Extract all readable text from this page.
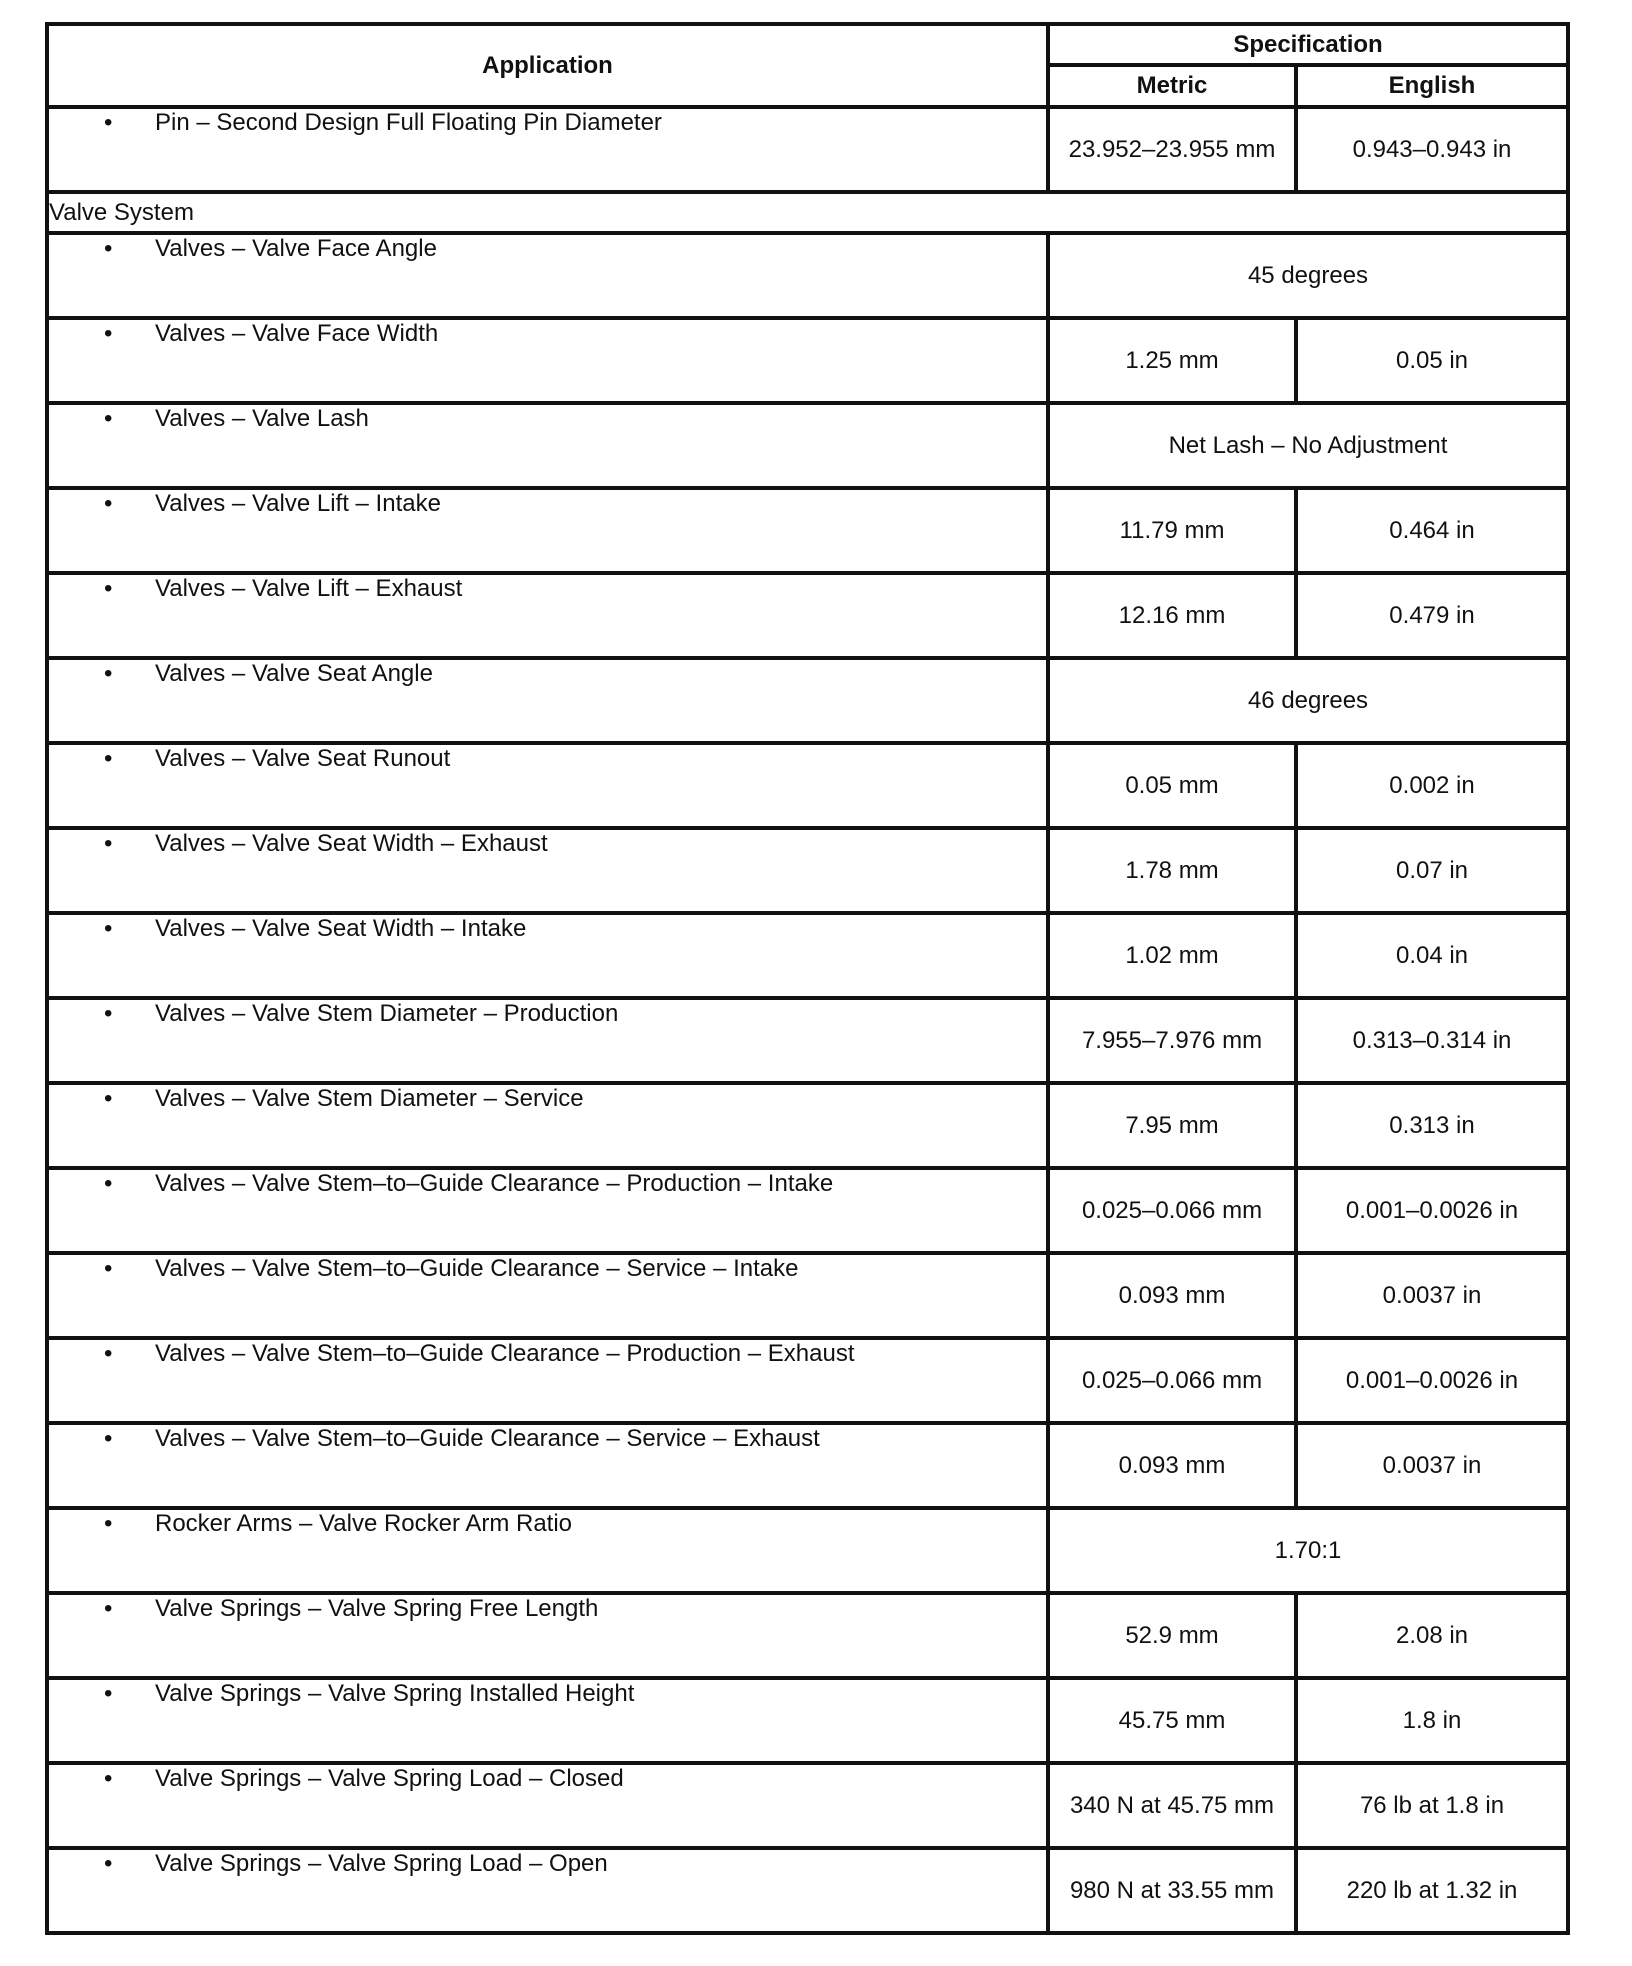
Application	Specification	
	Metric	English

• Pin – Second Design Full Floating Pin Diameter	23.952–23.955 mm	0.943–0.943 in
Valve System		

• Valves – Valve Face Angle	45 degrees	

• Valves – Valve Face Width	1.25 mm	0.05 in

• Valves – Valve Lash	Net Lash – No Adjustment	

• Valves – Valve Lift – Intake	11.79 mm	0.464 in

• Valves – Valve Lift – Exhaust	12.16 mm	0.479 in

• Valves – Valve Seat Angle	46 degrees	

• Valves – Valve Seat Runout	0.05 mm	0.002 in

• Valves – Valve Seat Width – Exhaust	1.78 mm	0.07 in

• Valves – Valve Seat Width – Intake	1.02 mm	0.04 in

• Valves – Valve Stem Diameter – Production	7.955–7.976 mm	0.313–0.314 in

• Valves – Valve Stem Diameter – Service	7.95 mm	0.313 in

• Valves – Valve Stem–to–Guide Clearance – Production – Intake	0.025–0.066 mm	0.001–0.0026 in

• Valves – Valve Stem–to–Guide Clearance – Service – Intake	0.093 mm	0.0037 in

• Valves – Valve Stem–to–Guide Clearance – Production – Exhaust	0.025–0.066 mm	0.001–0.0026 in

• Valves – Valve Stem–to–Guide Clearance – Service – Exhaust	0.093 mm	0.0037 in

• Rocker Arms – Valve Rocker Arm Ratio	1.70:1	

• Valve Springs – Valve Spring Free Length	52.9 mm	2.08 in

• Valve Springs – Valve Spring Installed Height	45.75 mm	1.8 in

• Valve Springs – Valve Spring Load – Closed	340 N at 45.75 mm	76 lb at 1.8 in

• Valve Springs – Valve Spring Load – Open	980 N at 33.55 mm	220 lb at 1.32 in
